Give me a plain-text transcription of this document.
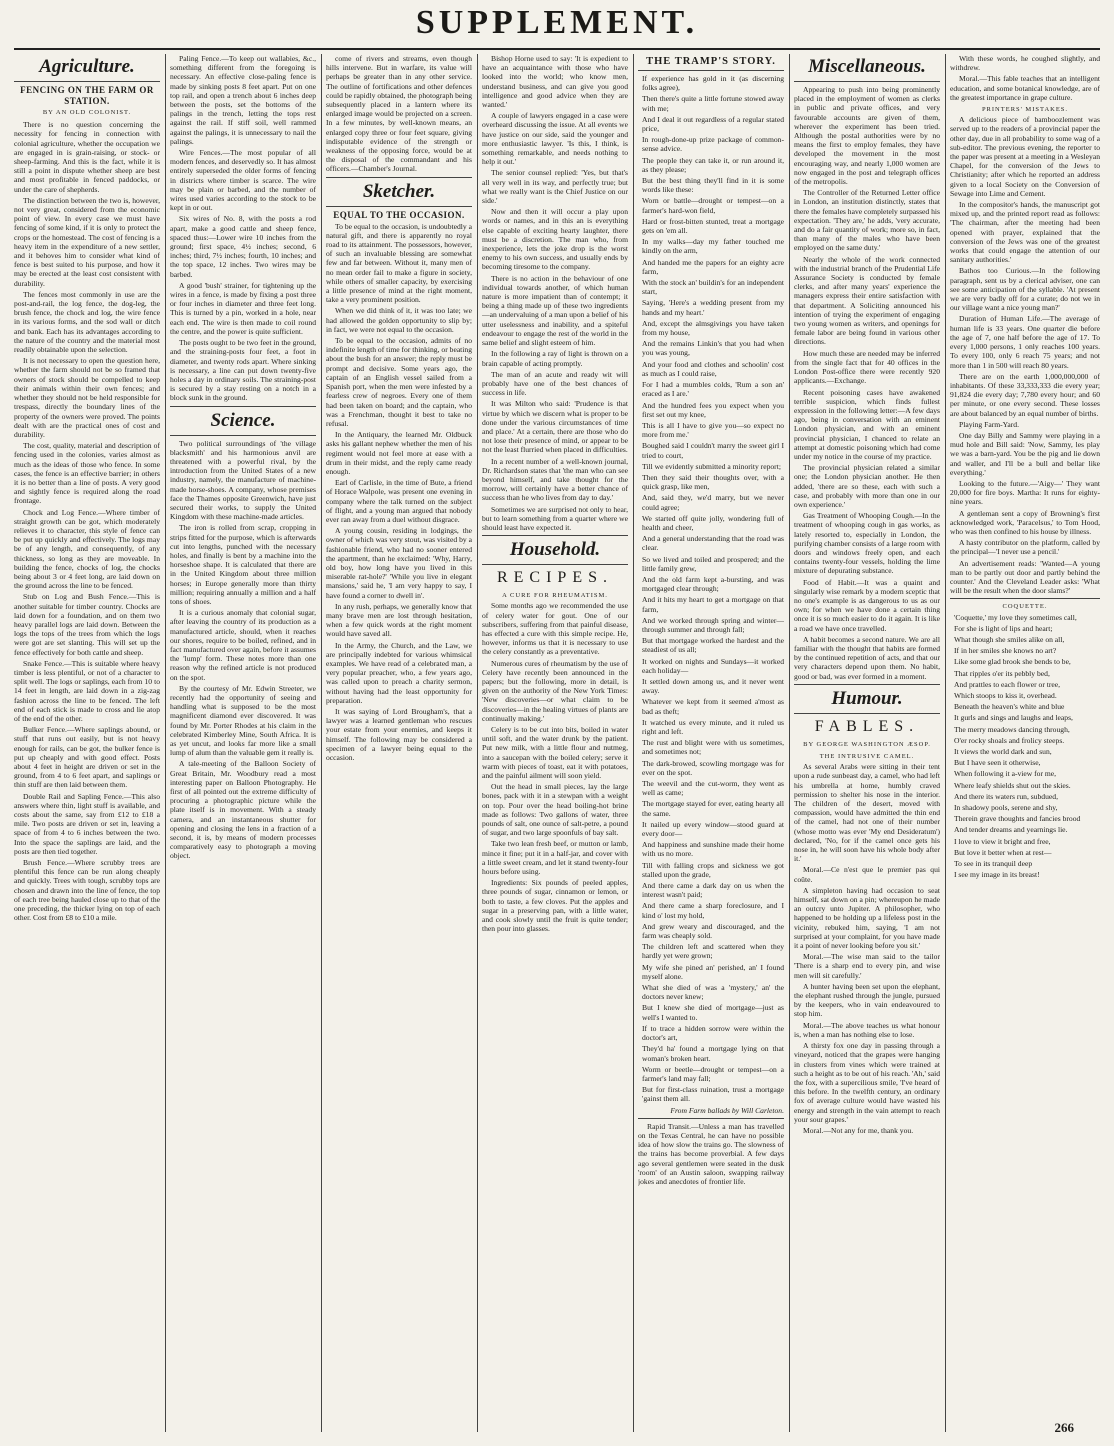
SUPPLEMENT.
Agriculture.
FENCING ON THE FARM OR STATION.
BY AN OLD COLONIST.

There is no question concerning the necessity for fencing in connection with colonial agriculture, whether the occupation we are engaged in is grain-raising, or stock- or sheep-farming. And this is the fact, while it is still a point in dispute whether sheep are best and most profitable in fenced paddocks, or under the care of shepherds.

The distinction between the two is, however, not very great, considered from the economic point of view. In every case we must have fencing of some kind, if it is only to protect the crops or the homestead. The cost of fencing is a heavy item in the expenditure of a new settler, and it behoves him to consider what kind of fence is best suited to his purpose, and how it may be erected at the least cost consistent with durability.

The fences most commonly in use are the post-and-rail, the log fence, the dog-leg, the brush fence, the chock and log, the wire fence in its various forms, and the sod wall or ditch and bank. Each has its advantages according to the nature of the country and the material most readily obtainable upon the selection.

It is not necessary to open the question here, whether the farm should not be so framed that owners of stock should be compelled to keep their animals within their own fences; and whether they should not be held responsible for trespass, directly the boundary lines of the property of the owners were proved. The points dealt with are the practical ones of cost and durability.

The cost, quality, material and description of fencing used in the colonies, varies almost as much as the ideas of those who fence. In some cases, the fence is an effective barrier; in others it is no better than a line of posts. A very good and sightly fence is required along the road frontage.

Chock and Log Fence.—Where timber of straight growth can be got, which moderately relieves it to character, this style of fence can be put up quickly and effectively. The logs may be of any length, and consequently, of any thickness, so long as they are moveable. In building the fence, chocks of log, the chocks being about 3 or 4 feet long, are laid down on the ground across the line to be fenced.

Stub on Log and Bush Fence.—This is another suitable for timber country. Chocks are laid down for a foundation, and on them two heavy parallel logs are laid down. Between the logs the tops of the trees from which the logs were got are set slanting. This will set up the fence effectively for both cattle and sheep.

Snake Fence.—This is suitable where heavy timber is less plentiful, or not of a character to split well. The logs or saplings, each from 10 to 14 feet in length, are laid down in a zig-zag fashion across the line to be fenced. The left end of each stick is made to cross and lie atop of the end of the other.

Bulker Fence.—Where saplings abound, or stuff that runs out easily, but is not heavy enough for rails, can be got, the bulker fence is put up cheaply and with good effect. Posts about 4 feet in height are driven or set in the ground, from 4 to 6 feet apart, and saplings or thin stuff are then laid between them.

Double Rail and Sapling Fence.—This also answers where thin, light stuff is available, and costs about the same, say from £12 to £18 a mile. Two posts are driven or set in, leaving a space of from 4 to 6 inches between the two. Into the space the saplings are laid, and the posts are then tied together.

Brush Fence.—Where scrubby trees are plentiful this fence can be run along cheaply and quickly. Trees with tough, scrubby tops are chosen and drawn into the line of fence, the top of each tree being hauled close up to that of the one preceding, the thicker lying on top of each other. Cost from £8 to £10 a mile.

Paling Fence.—To keep out wallabies, &c., something different from the foregoing is necessary. An effective close-paling fence is made by sinking posts 8 feet apart. Put on one top rail, and open a trench about 6 inches deep between the posts, set the bottoms of the palings in the trench, letting the tops rest against the rail. If stiff soil, well rammed against the palings, it is unnecessary to nail the palings.

Wire Fences.—The most popular of all modern fences, and deservedly so. It has almost entirely superseded the older forms of fencing in districts where timber is scarce. The wire may be plain or barbed, and the number of wires used varies according to the stock to be kept in or out.

Six wires of No. 8, with the posts a rod apart, make a good cattle and sheep fence, spaced thus:—Lower wire 10 inches from the ground; first space, 4½ inches; second, 6 inches; third, 7½ inches; fourth, 10 inches; and the top space, 12 inches. Two wires may be barbed.

A good 'bush' strainer, for tightening up the wires in a fence, is made by fixing a post three or four inches in diameter and three feet long. This is turned by a pin, worked in a hole, near each end. The wire is then made to coil round the centre, and the power is quite sufficient.

The posts ought to be two feet in the ground, and the straining-posts four feet, a foot in diameter, and twenty rods apart. Where sinking is necessary, a line can put down twenty-five holes a day in ordinary soils. The straining-post is secured by a stay resting on a notch in a block sunk in the ground.

Science.

Two political surroundings of 'the village blacksmith' and his harmonious anvil are threatened with a powerful rival, by the introduction from the United States of a new industry, namely, the manufacture of machine-made horse-shoes. A company, whose premises face the Thames opposite Greenwich, have just secured their works, to supply the United Kingdom with these machine-made articles.

The iron is rolled from scrap, cropping in strips fitted for the purpose, which is afterwards cut into lengths, punched with the necessary holes, and finally is bent by a machine into the horseshoe shape. It is calculated that there are in the United Kingdom about three million horses; in Europe generally more than thirty million; requiring annually a million and a half tons of shoes.

It is a curious anomaly that colonial sugar, after leaving the country of its production as a manufactured article, should, when it reaches our shores, require to be boiled, refined, and in fact manufactured over again, before it assumes the 'lump' form. These notes more than one reason why the refined article is not produced on the spot.

By the courtesy of Mr. Edwin Streeter, we recently had the opportunity of seeing and handling what is supposed to be the most magnificent diamond ever discovered. It was found by Mr. Porter Rhodes at his claim in the celebrated Kimberley Mine, South Africa. It is as yet uncut, and looks far more like a small lump of alum than the valuable gem it really is.

A tale-meeting of the Balloon Society of Great Britain, Mr. Woodbury read a most interesting paper on Balloon Photography. He first of all pointed out the extreme difficulty of procuring a photographic picture while the plate itself is in movement. With a steady camera, and an instantaneous shutter for opening and closing the lens in a fraction of a second, it is, by means of modern processes comparatively easy to photograph a moving object.

come of rivers and streams, even though hills intervene. But in warfare, its value will perhaps be greater than in any other service. The outline of fortifications and other defences could be rapidly obtained, the photograph being subsequently placed in a lantern where its enlarged image would be projected on a screen. In a few minutes, by well-known means, an enlarged copy three or four feet square, giving indisputable evidence of the strength or weakness of the opposing force, would be at the disposal of the commandant and his officers.—Chamber's Journal.

Sketcher.
EQUAL TO THE OCCASION.

To be equal to the occasion, is undoubtedly a natural gift, and there is apparently no royal road to its attainment. The possessors, however, of such an invaluable blessing are somewhat few and far between. Without it, many men of no mean order fail to make a figure in society, while others of smaller capacity, by exercising a little presence of mind at the right moment, take a very prominent position.

When we did think of it, it was too late; we had allowed the golden opportunity to slip by; in fact, we were not equal to the occasion.

To be equal to the occasion, admits of no indefinite length of time for thinking, or beating about the bush for an answer; the reply must be prompt and decisive. Some years ago, the captain of an English vessel sailed from a Spanish port, when the men were infested by a fearless crew of negroes. Every one of them had been taken on board; and the captain, who was a Frenchman, thought it best to take no refusal.

In the Antiquary, the learned Mr. Oldbuck asks his gallant nephew whether the men of his regiment would not feel more at ease with a drum in their midst, and the reply came ready enough.

Earl of Carlisle, in the time of Bute, a friend of Horace Walpole, was present one evening in company where the talk turned on the subject of flight, and a young man argued that nobody ever ran away from a duel without disgrace.

A young cousin, residing in lodgings, the owner of which was very stout, was visited by a fashionable friend, who had no sooner entered the apartment, than he exclaimed: 'Why, Harry, old boy, how long have you lived in this miserable rat-hole?' 'While you live in elegant mansions,' said he, 'I am very happy to say, I have found a corner to dwell in'.

In any rush, perhaps, we generally know that many brave men are lost through hesitation, when a few quick words at the right moment would have saved all.

In the Army, the Church, and the Law, we are principally indebted for various whimsical examples. We have read of a celebrated man, a very popular preacher, who, a few years ago, was called upon to preach a charity sermon, without having had the least opportunity for preparation.

It was saying of Lord Brougham's, that a lawyer was a learned gentleman who rescues your estate from your enemies, and keeps it himself. The following may be considered a specimen of a lawyer being equal to the occasion.

Bishop Horne used to say: 'It is expedient to have an acquaintance with those who have looked into the world; who know men, understand business, and can give you good intelligence and good advice when they are wanted.'

A couple of lawyers engaged in a case were overheard discussing the issue. At all events we have justice on our side, said the younger and more enthusiastic lawyer. 'Is this, I think, is something remarkable, and needs nothing to help it out.'

The senior counsel replied: 'Yes, but that's all very well in its way, and perfectly true; but what we really want is the Chief Justice on our side.'

Now and then it will occur a play upon words or names, and in this an is everything else capable of exciting hearty laughter, there must be a discretion. The man who, from inexperience, lets the joke drop is the worst enemy to his own success, and usually ends by becoming tiresome to the company.

There is no action in the behaviour of one individual towards another, of which human nature is more impatient than of contempt; it being a thing made up of these two ingredients—an undervaluing of a man upon a belief of his utter uselessness and inability, and a spiteful endeavour to engage the rest of the world in the same belief and slight esteem of him.

In the following a ray of light is thrown on a brain capable of acting promptly.

The man of an acute and ready wit will probably have one of the best chances of success in life.

It was Milton who said: 'Prudence is that virtue by which we discern what is proper to be done under the various circumstances of time and place.' At a certain, there are those who do not lose their presence of mind, or appear to be not the least flurried when placed in difficulties.

In a recent number of a well-known journal, Dr. Richardson states that 'the man who can see beyond himself, and take thought for the morrow, will certainly have a better chance of success than he who lives from day to day.'

Sometimes we are surprised not only to hear, but to learn something from a quarter where we should least have expected it.

Household.
RECIPES.
A CURE FOR RHEUMATISM.

Some months ago we recommended the use of celery water for gout. One of our subscribers, suffering from that painful disease, has effected a cure with this simple recipe. He, however, informs us that it is necessary to use the celery constantly as a preventative.

Numerous cures of rheumatism by the use of Celery have recently been announced in the papers; but the following, more in detail, is given on the authority of the New York Times: 'New discoveries—or what claim to be discoveries—in the healing virtues of plants are continually making.'

Celery is to be cut into bits, boiled in water until soft, and the water drunk by the patient. Put new milk, with a little flour and nutmeg, into a saucepan with the boiled celery; serve it warm with pieces of toast, eat it with potatoes, and the painful ailment will soon yield.

Out the head in small pieces, lay the large bones, pack with it in a stewpan with a weight on top. Pour over the head boiling-hot brine made as follows: Two gallons of water, three pounds of salt, one ounce of salt-petre, a pound of sugar, and two large spoonfuls of bay salt.

Take two lean fresh beef, or mutton or lamb, mince it fine; put it in a half-jar, and cover with a little sweet cream, and let it stand twenty-four hours before using.

Ingredients: Six pounds of peeled apples, three pounds of sugar, cinnamon or lemon, or both to taste, a few cloves. Put the apples and sugar in a preserving pan, with a little water, and cook slowly until the fruit is quite tender; then pour into glasses.

THE TRAMP'S STORY.

If experience has gold in it (as discerning folks agree),

Then there's quite a little fortune stowed away with me;

And I deal it out regardless of a regular stated price,

In rough-done-up prize package of common-sense advice.

The people they can take it, or run around it, as they please;

But the best thing they'll find in it is some words like these:

Worn or battle—drought or tempest—on a farmer's hard-won field,

Hard or frost-bitten stunted, treat a mortgage gets on 'em all.

In my walks—day my father touched me kindly on the arm,

And handed me the papers for an eighty acre farm,

With the stock an' buildin's for an independent start,

Saying, 'Here's a wedding present from my hands and my heart.'

And, except the almsgivings you have taken from my house,

And the remains Linkin's that you had when you was young,

And your food and clothes and schoolin' cost as much as I could raise,

For I had a mumbles colds, 'Rum a son an' eraced as I are.'

And the hundred fees you expect when you first set out my knee,

This is all I have to give you—so expect no more from me.'

Boughed said I couldn't marry the sweet girl I tried to court,

Till we evidently submitted a minority report;

Then they said their thoughts over, with a quick grasp, like men,

And, said they, we'd marry, but we never could agree;

We started off quite jolly, wondering full of health and cheer,

And a general understanding that the road was clear.

So we lived and toiled and prospered; and the little family grew,

And the old farm kept a-bursting, and was mortgaged clear through;

And it hits my heart to get a mortgage on that farm,

And we worked through spring and winter—through summer and through fall;

But that mortgage worked the hardest and the steadiest of us all;

It worked on nights and Sundays—it worked each holiday—

It settled down among us, and it never went away.

Whatever we kept from it seemed a'most as bad as theft;

It watched us every minute, and it ruled us right and left.

The rust and blight were with us sometimes, and sometimes not;

The dark-browed, scowling mortgage was for ever on the spot.

The weevil and the cut-worm, they went as well as came;

The mortgage stayed for ever, eating hearty all the same.

It nailed up every window—stood guard at every door—

And happiness and sunshine made their home with us no more.

Till with falling crops and sickness we got stalled upon the grade,

And there came a dark day on us when the interest wasn't paid;

And there came a sharp foreclosure, and I kind o' lost my hold,

And grew weary and discouraged, and the farm was cheaply sold.

The children left and scattered when they hardly yet were grown;

My wife she pined an' perished, an' I found myself alone.

What she died of was a 'mystery,' an' the doctors never knew;

But I knew she died of mortgage—just as well's I wanted to.

If to trace a hidden sorrow were within the doctor's art,

They'd ha' found a mortgage lying on that woman's broken heart.

Worm or beetle—drought or tempest—on a farmer's land may fall;

But for first-class ruination, trust a mortgage 'gainst them all.

From Farm ballads by Will Carleton.

Rapid Transit.—Unless a man has travelled on the Texas Central, he can have no possible idea of how slow the trains go. The slowness of the trains has become proverbial. A few days ago several gentlemen were seated in the dusk 'room' of an Austin saloon, swapping railway jokes and anecdotes of frontier life.

Miscellaneous.

Appearing to push into being prominently placed in the employment of women as clerks in public and private offices, and very favourable accounts are given of them, wherever the experiment has been tried. Although the postal authorities were by no means the first to employ females, they have developed the movement in the most encouraging way, and nearly 1,000 women are now engaged in the post and telegraph offices of the metropolis.

The Controller of the Returned Letter office in London, an institution distinctly, states that there the females have completely surpassed his expectation. 'They are,' he adds, 'very accurate, and do a fair quantity of work; more so, in fact, than many of the males who have been employed on the same duty.'

Nearly the whole of the work connected with the industrial branch of the Prudential Life Assurance Society is conducted by female clerks, and after many years' experience the managers express their entire satisfaction with that department. A Soliciting announced his intention of trying the experiment of engaging two young women as writers, and openings for female labor are being found in various other directions.

How much these are needed may be inferred from the single fact that for 40 offices in the London Post-office there were recently 920 applicants.—Exchange.

Recent poisoning cases have awakened terrible suspicion, which finds fullest expression in the following letter:—A few days ago, being in conversation with an eminent London physician, and with an eminent provincial physician, I chanced to relate an attempt at domestic poisoning which had come under my notice in the course of my practice.

The provincial physician related a similar one; the London physician another. He then added, 'there are so these, each with such a case, and probably with more than one in our own experience.'

Gas Treatment of Whooping Cough.—In the treatment of whooping cough in gas works, as lately resorted to, especially in London, the purifying chamber consists of a large room with doors and windows freely open, and each contains twenty-four vessels, holding the lime mixture of depurating substance.

Food of Habit.—It was a quaint and singularly wise remark by a modern sceptic that no one's example is as dangerous to us as our own; for when we have done a certain thing once it is so much easier to do it again. It is like a road we have once travelled.

A habit becomes a second nature. We are all familiar with the thought that habits are formed by the continued repetition of acts, and that our very characters depend upon them. No habit, good or bad, was ever formed in a moment.

Humour.
FABLES.
BY GEORGE WASHINGTON ÆSOP.
THE INTRUSIVE CAMEL.

As several Arabs were sitting in their tent upon a rude sunbeast day, a camel, who had left his umbrella at home, humbly craved permission to shelter his nose in the interior. The children of the desert, moved with compassion, would have admitted the thin end of the camel, had not one of their number (whose motto was ever 'My end Desideratum') declared, 'No, for if the camel once gets his nose in, he will soon have his whole body after it.'

Moral.—Ce n'est que le premier pas qui coûte.

A simpleton having had occasion to seat himself, sat down on a pin; whereupon he made an outcry unto Jupiter. A philosopher, who happened to be holding up a lifeless post in the vicinity, rebuked him, saying, 'I am not surprised at your complaint, for you have made it a point of never looking before you sit.'

Moral.—The wise man said to the tailor 'There is a sharp end to every pin, and wise men will sit carefully.'

A hunter having been set upon the elephant, the elephant rushed through the jungle, pursued by the keepers, who in vain endeavoured to stop him.

Moral.—The above teaches us what honour is, when a man has nothing else to lose.

A thirsty fox one day in passing through a vineyard, noticed that the grapes were hanging in clusters from vines which were trained at such a height as to be out of his reach. 'Ah,' said the fox, with a supercilious smile, 'I've heard of this before. In the twelfth century, an ordinary fox of average culture would have wasted his energy and strength in the vain attempt to reach your sour grapes.'

Moral.—Not any for me, thank you.

With these words, he coughed slightly, and withdrew.

Moral.—This fable teaches that an intelligent education, and some botanical knowledge, are of the greatest importance in grape culture.

PRINTERS' MISTAKES.

A delicious piece of bamboozlement was served up to the readers of a provincial paper the other day, due in all probability to some wag of a sub-editor. The previous evening, the reporter to the paper was present at a meeting in a Wesleyan Chapel, for the conversion of the Jews to Christianity; after which he reported an address given to a local Society on the Conversion of Sewage into Lime and Cement.

In the compositor's hands, the manuscript got mixed up, and the printed report read as follows: 'The chairman, after the meeting had been opened with prayer, explained that the conversion of the Jews was one of the greatest works that could engage the attention of our sanitary authorities.'

Bathos too Curious.—In the following paragraph, sent us by a clerical adviser, one can see some anticipation of the syllable. 'At present we are very badly off for a curate; do not we in our village want a nice young man?'

Duration of Human Life.—The average of human life is 33 years. One quarter die before the age of 7, one half before the age of 17. To every 1,000 persons, 1 only reaches 100 years. To every 100, only 6 reach 75 years; and not more than 1 in 500 will reach 80 years.

There are on the earth 1,000,000,000 of inhabitants. Of these 33,333,333 die every year; 91,824 die every day; 7,780 every hour; and 60 per minute, or one every second. These losses are about balanced by an equal number of births.

Playing Farm-Yard.

One day Billy and Sammy were playing in a mud hole and Bill said: 'Now, Sammy, les play we was a barn-yard. You be the pig and lie down and waller, and I'll be a bull and bellar like everything.'

Looking to the future.—'Aigy—' They want 20,000 for fire boys. Martha: It runs for eighty-nine years.

A gentleman sent a copy of Browning's first acknowledged work, 'Paracelsus,' to Tom Hood, who was then confined to his house by illness.

A hasty contributor on the platform, called by the principal—'I never use a pencil.'

An advertisement reads: 'Wanted—A young man to be partly out door and partly behind the counter.' And the Cleveland Leader asks: 'What will be the result when the door slams?'

COQUETTE.

'Coquette,' my love they sometimes call,

For she is light of lips and heart;

What though she smiles alike on all,

If in her smiles she knows no art?

Like some glad brook she bends to be,

That ripples o'er its pebbly bed,

And prattles to each flower or tree,

Which stoops to kiss it, overhead.

Beneath the heaven's white and blue

It gurls and sings and laughs and leaps,

The merry meadows dancing through,

O'er rocky shoals and frolicy steeps.

It views the world dark and sun,

But I have seen it otherwise,

When following it a-view for me,

Where leafy shields shut out the skies.

And there its waters run, subdued,

In shadowy pools, serene and shy,

Therein grave thoughts and fancies brood

And tender dreams and yearnings lie.

I love to view it bright and free,

But love it better when at rest—

To see in its tranquil deep

I see my image in its breast!

266
